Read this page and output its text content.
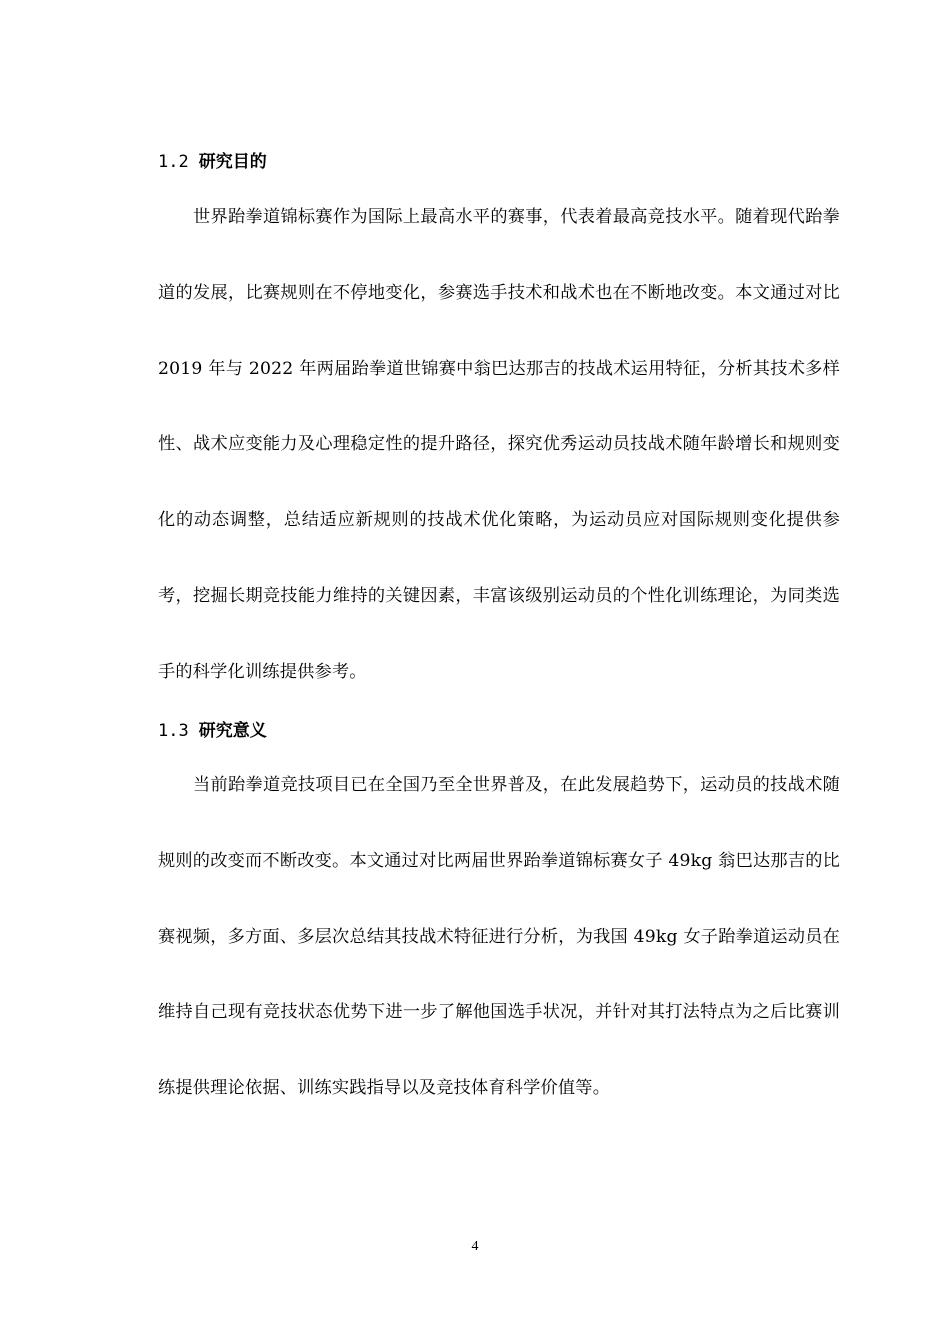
1.2 研究目的

世界跆拳道锦标赛作为国际上最高水平的赛事，代表着最高竞技水平。随着现代跆拳道的发展，比赛规则在不停地变化，参赛选手技术和战术也在不断地改变。本文通过对比 2019 年与 2022 年两届跆拳道世锦赛中翁巴达那吉的技战术运用特征，分析其技术多样性、战术应变能力及心理稳定性的提升路径，探究优秀运动员技战术随年龄增长和规则变化的动态调整，总结适应新规则的技战术优化策略，为运动员应对国际规则变化提供参考，挖掘长期竞技能力维持的关键因素，丰富该级别运动员的个性化训练理论，为同类选手的科学化训练提供参考。

1.3 研究意义

当前跆拳道竞技项目已在全国乃至全世界普及，在此发展趋势下，运动员的技战术随规则的改变而不断改变。本文通过对比两届世界跆拳道锦标赛女子 49kg 翁巴达那吉的比赛视频，多方面、多层次总结其技战术特征进行分析，为我国 49kg 女子跆拳道运动员在维持自己现有竞技状态优势下进一步了解他国选手状况，并针对其打法特点为之后比赛训练提供理论依据、训练实践指导以及竞技体育科学价值等。

4
